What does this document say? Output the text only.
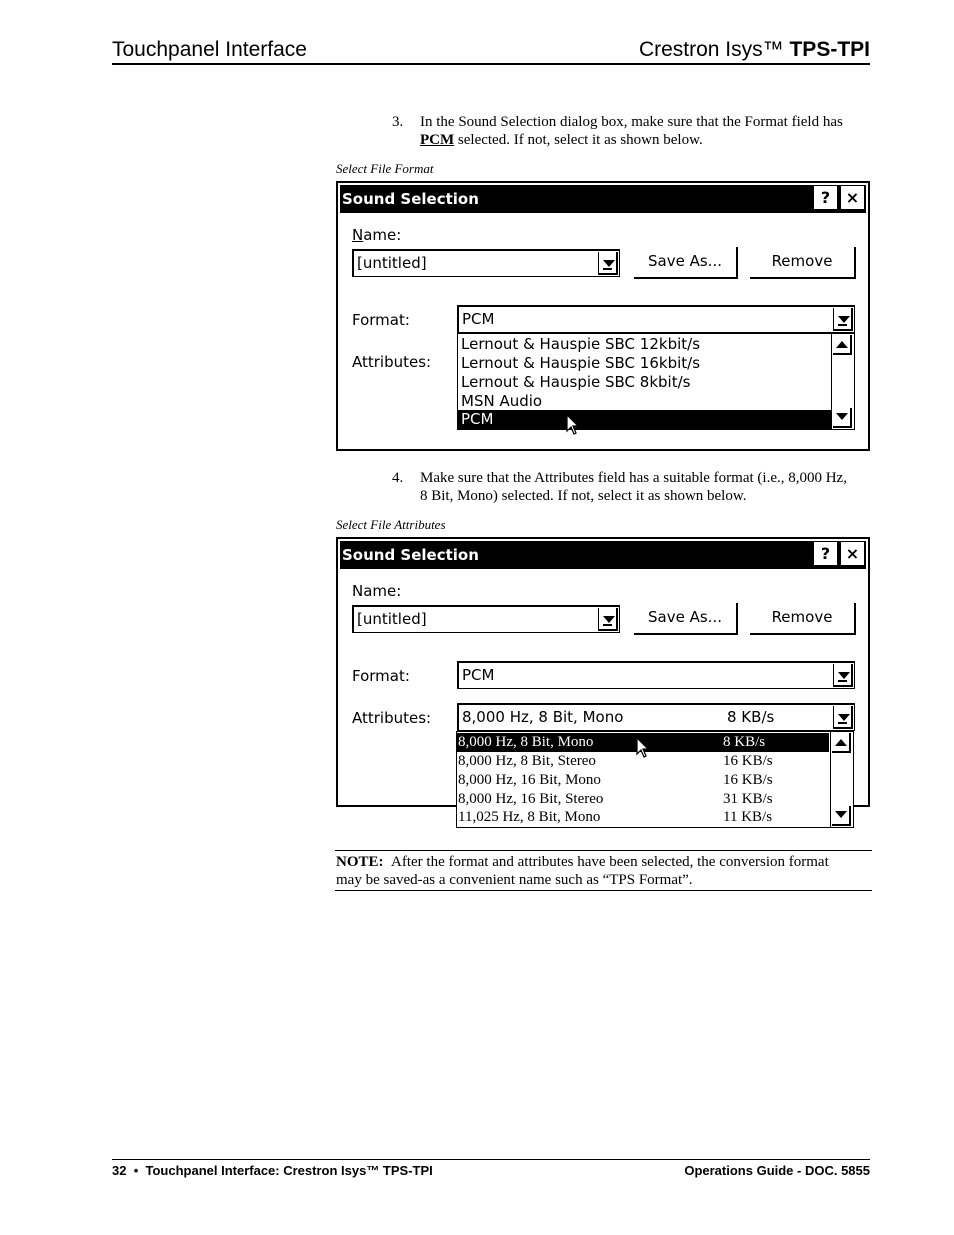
Touchpanel Interface	Crestron Isys™ TPS-TPI
3. In the Sound Selection dialog box, make sure that the Format field has
PCM selected. If not, select it as shown below.
Select File Format
Sound Selection	? ×
Name:
[untitled]	Save As...	Remove
Format:	PCM
Attributes:
Lernout & Hauspie SBC 12kbit/s
Lernout & Hauspie SBC 16kbit/s
Lernout & Hauspie SBC 8kbit/s
MSN Audio
PCM
4. Make sure that the Attributes field has a suitable format (i.e., 8,000 Hz,
8 Bit, Mono) selected. If not, select it as shown below.
Select File Attributes
Sound Selection	? ×
Name:
[untitled]	Save As...	Remove
Format:	PCM
Attributes:	8,000 Hz, 8 Bit, Mono	8 KB/s
8,000 Hz, 8 Bit, Mono	8 KB/s
8,000 Hz, 8 Bit, Stereo	16 KB/s
8,000 Hz, 16 Bit, Mono	16 KB/s
8,000 Hz, 16 Bit, Stereo	31 KB/s
11,025 Hz, 8 Bit, Mono	11 KB/s
NOTE: After the format and attributes have been selected, the conversion format
may be saved-as a convenient name such as “TPS Format”.
32 • Touchpanel Interface: Crestron Isys™ TPS-TPI	Operations Guide - DOC. 5855
